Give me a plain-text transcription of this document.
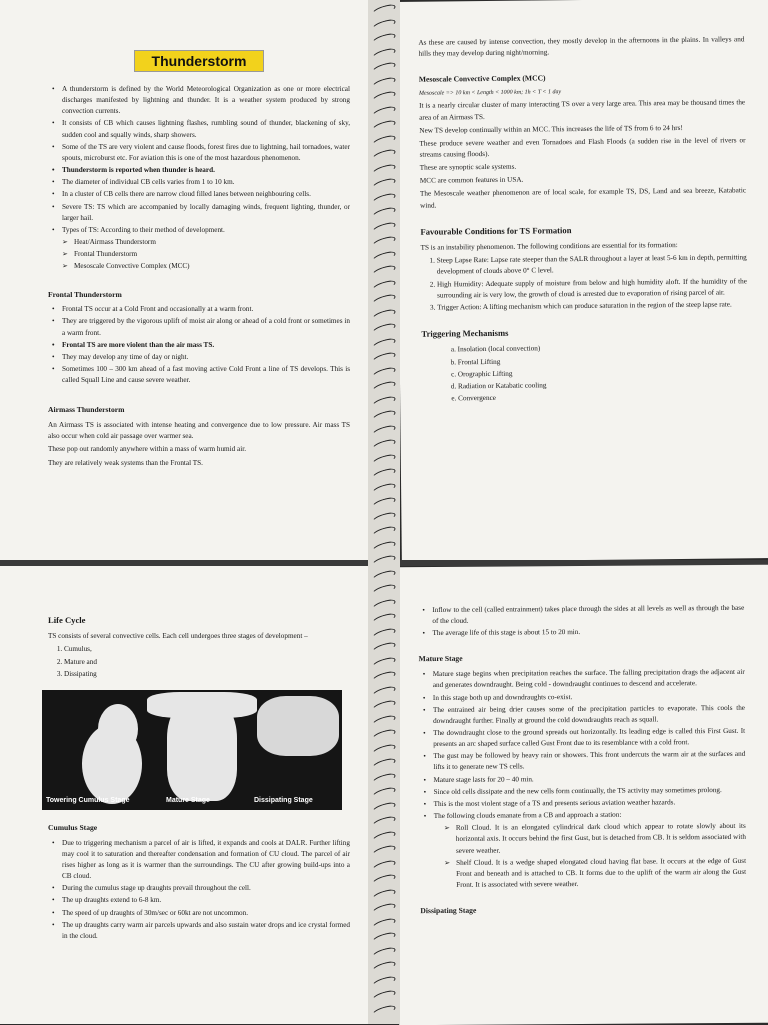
Thunderstorm
• A thunderstorm is defined by the World Meteorological Organization as one or more electrical discharges manifested by lightning and thunder. It is a weather system produced by strong convection currents.
• It consists of CB which causes lightning flashes, rumbling sound of thunder, blackening of sky, sudden cool and squally winds, sharp showers.
• Some of the TS are very violent and cause floods, forest fires due to lightning, hail tornadoes, water spouts, microburst etc. For aviation this is one of the most hazardous phenomenon.
• Thunderstorm is reported when thunder is heard.
• The diameter of individual CB cells varies from 1 to 10 km.
• In a cluster of CB cells there are narrow cloud filled lanes between neighbouring cells.
• Severe TS: TS which are accompanied by locally damaging winds, frequent lighting, thunder, or larger hail.
• Types of TS: According to their method of development.
➢ Heat/Airmass Thunderstorm
➢ Frontal Thunderstorm
➢ Mesoscale Convective Complex (MCC)
Frontal Thunderstorm
• Frontal TS occur at a Cold Front and occasionally at a warm front.
• They are triggered by the vigorous uplift of moist air along or ahead of a cold front or sometimes in a warm front.
• Frontal TS are more violent than the air mass TS.
• They may develop any time of day or night.
• Sometimes 100 – 300 km ahead of a fast moving active Cold Front a line of TS develops. This is called Squall Line and cause severe weather.
Airmass Thunderstorm

An Airmass TS is associated with intense heating and convergence due to low pressure. Air mass TS also occur when cold air passage over warmer sea.

These pop out randomly anywhere within a mass of warm humid air.

They are relatively weak systems than the Frontal TS.

As these are caused by intense convection, they mostly develop in the afternoons in the plains. In valleys and hills they may develop during night/morning.

Mesoscale Convective Complex (MCC)

Mesoscale => 10 km < Length < 1000 km; 1h < T < 1 day

It is a nearly circular cluster of many interacting TS over a very large area. This area may be thousand times the area of an Airmass TS.

New TS develop continually within an MCC. This increases the life of TS from 6 to 24 hrs!

These produce severe weather and even Tornadoes and Flash Floods (a sudden rise in the level of rivers or streams causing floods).

These are synoptic scale systems.

MCC are common features in USA.

The Mesoscale weather phenomenon are of local scale, for example TS, DS, Land and sea breeze, Katabatic wind.

Favourable Conditions for TS Formation

TS is an instability phenomenon. The following conditions are essential for its formation:

1. Steep Lapse Rate: Lapse rate steeper than the SALR throughout a layer at least 5-6 km in depth, permitting development of clouds above 0° C level.
2. High Humidity: Adequate supply of moisture from below and high humidity aloft. If the humidity of the surrounding air is very low, the growth of cloud is arrested due to evaporation of rising parcel of air.
3. Trigger Action: A lifting mechanism which can produce saturation in the region of the steep lapse rate.
Triggering Mechanisms
a. Insolation (local convection)
b. Frontal Lifting
c. Orographic Lifting
d. Radiation or Katabatic cooling
e. Convergence
Life Cycle

TS consists of several convective cells. Each cell undergoes three stages of development –

1. Cumulus,
2. Mature and
3. Dissipating
Towering Cumulus Stage	Mature Stage	Dissipating Stage
Cumulus Stage
• Due to triggering mechanism a parcel of air is lifted, it expands and cools at DALR. Further lifting may cool it to saturation and thereafter condensation and formation of CU cloud. The parcel of air rises higher as long as it is warmer than the surroundings. The CU after growing build-ups into a CB cloud.
• During the cumulus stage up draughts prevail throughout the cell.
• The up draughts extend to 6-8 km.
• The speed of up draughts of 30m/sec or 60kt are not uncommon.
• The up draughts carry warm air parcels upwards and also sustain water drops and ice crystal formed in the cloud.
• Inflow to the cell (called entrainment) takes place through the sides at all levels as well as through the base of the cloud.
• The average life of this stage is about 15 to 20 min.
Mature Stage
• Mature stage begins when precipitation reaches the surface. The falling precipitation drags the adjacent air and generates downdraught. Being cold - downdraught continues to descend and accelerate.
• In this stage both up and downdraughts co-exist.
• The entrained air being drier causes some of the precipitation particles to evaporate. This cools the downdraught further. Finally at ground the cold downdraughts reach as squall.
• The downdraught close to the ground spreads out horizontally. Its leading edge is called this First Gust. It presents an arc shaped surface called Gust Front due to its resemblance with a cold front.
• The gust may be followed by heavy rain or showers. This front undercuts the warm air at the surfaces and lifts it to generate new TS cells.
• Mature stage lasts for 20 – 40 min.
• Since old cells dissipate and the new cells form continually, the TS activity may sometimes prolong.
• This is the most violent stage of a TS and presents serious aviation weather hazards.
• The following clouds emanate from a CB and approach a station:
➢ Roll Cloud. It is an elongated cylindrical dark cloud which appear to rotate slowly about its horizontal axis. It occurs behind the first Gust, but is detached from CB. It is seldom associated with severe weather.
➢ Shelf Cloud. It is a wedge shaped elongated cloud having flat base. It occurs at the edge of Gust Front and beneath and is attached to CB. It forms due to the uplift of the warm air along the Gust Front. It is associated with severe weather.
Dissipating Stage
